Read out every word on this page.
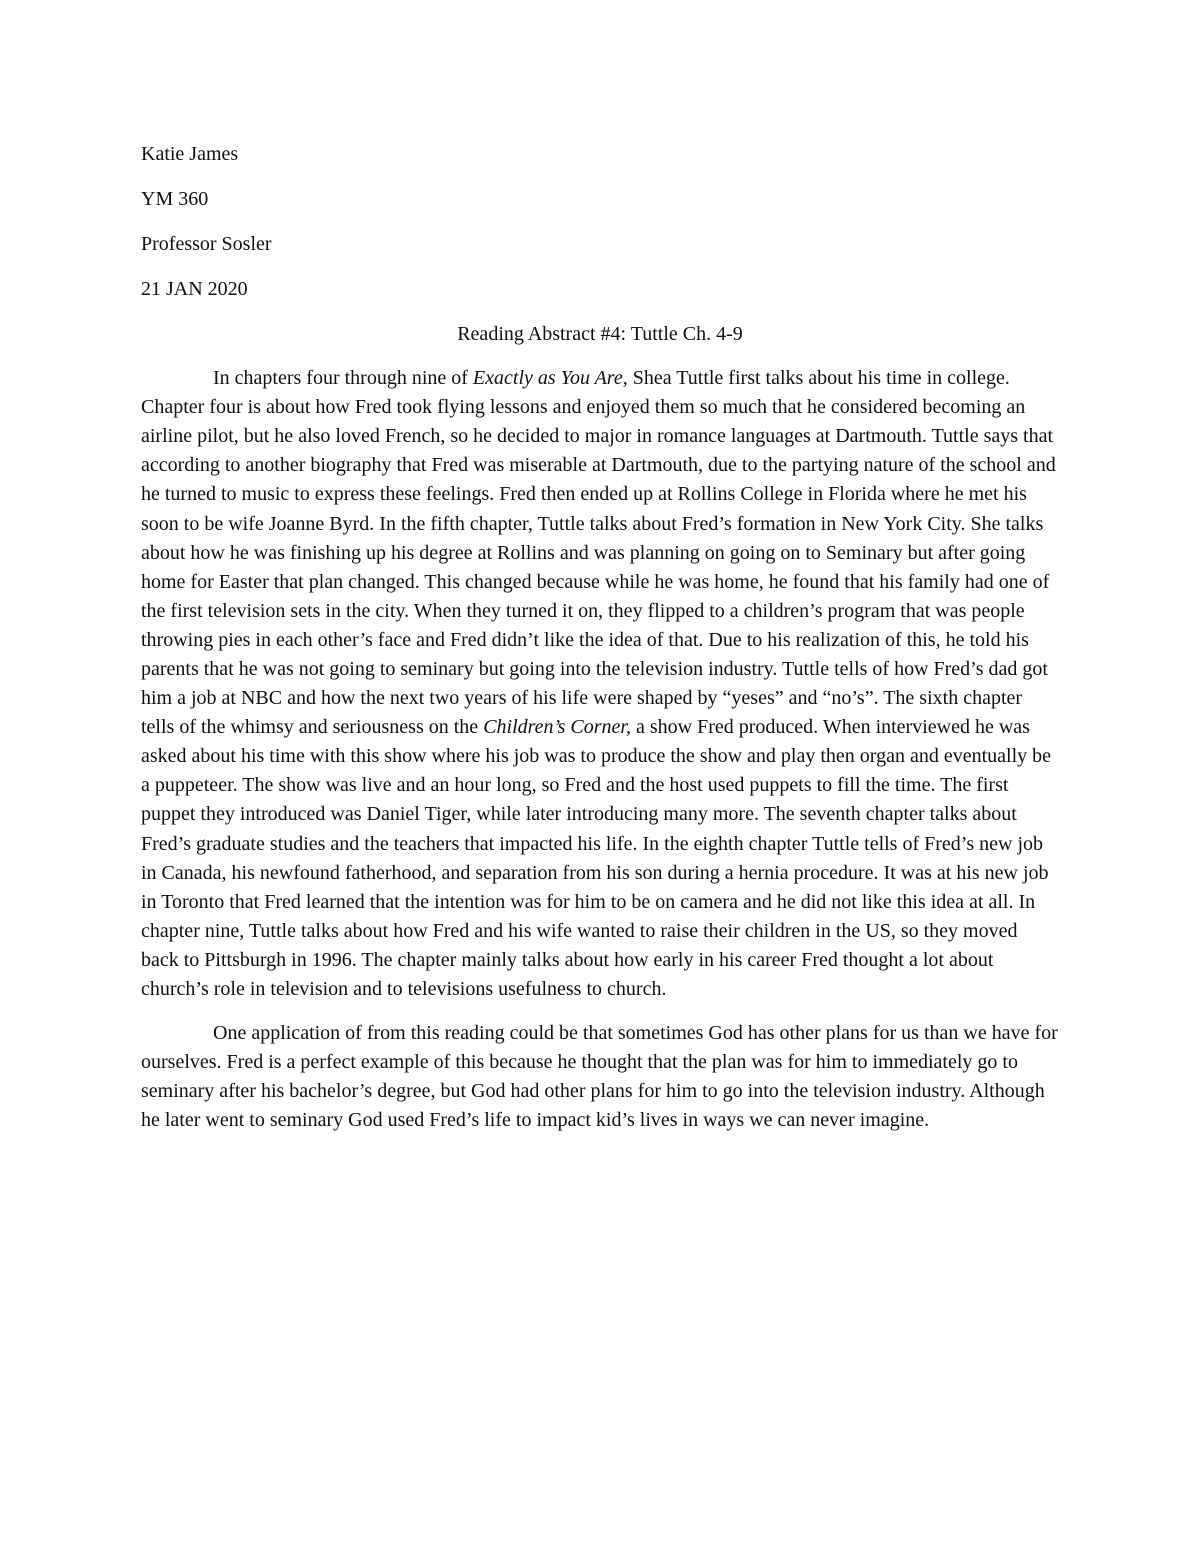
Katie James
YM 360
Professor Sosler
21 JAN 2020
Reading Abstract #4: Tuttle Ch. 4-9

In chapters four through nine of Exactly as You Are, Shea Tuttle first talks about his time in college. Chapter four is about how Fred took flying lessons and enjoyed them so much that he considered becoming an airline pilot, but he also loved French, so he decided to major in romance languages at Dartmouth. Tuttle says that according to another biography that Fred was miserable at Dartmouth, due to the partying nature of the school and he turned to music to express these feelings. Fred then ended up at Rollins College in Florida where he met his soon to be wife Joanne Byrd. In the fifth chapter, Tuttle talks about Fred’s formation in New York City. She talks about how he was finishing up his degree at Rollins and was planning on going on to Seminary but after going home for Easter that plan changed. This changed because while he was home, he found that his family had one of the first television sets in the city. When they turned it on, they flipped to a children’s program that was people throwing pies in each other’s face and Fred didn’t like the idea of that. Due to his realization of this, he told his parents that he was not going to seminary but going into the television industry. Tuttle tells of how Fred’s dad got him a job at NBC and how the next two years of his life were shaped by “yeses” and “no’s”. The sixth chapter tells of the whimsy and seriousness on the Children’s Corner, a show Fred produced. When interviewed he was asked about his time with this show where his job was to produce the show and play then organ and eventually be a puppeteer. The show was live and an hour long, so Fred and the host used puppets to fill the time. The first puppet they introduced was Daniel Tiger, while later introducing many more. The seventh chapter talks about Fred’s graduate studies and the teachers that impacted his life. In the eighth chapter Tuttle tells of Fred’s new job in Canada, his newfound fatherhood, and separation from his son during a hernia procedure. It was at his new job in Toronto that Fred learned that the intention was for him to be on camera and he did not like this idea at all. In chapter nine, Tuttle talks about how Fred and his wife wanted to raise their children in the US, so they moved back to Pittsburgh in 1996. The chapter mainly talks about how early in his career Fred thought a lot about church’s role in television and to televisions usefulness to church.

One application of from this reading could be that sometimes God has other plans for us than we have for ourselves. Fred is a perfect example of this because he thought that the plan was for him to immediately go to seminary after his bachelor’s degree, but God had other plans for him to go into the television industry. Although he later went to seminary God used Fred’s life to impact kid’s lives in ways we can never imagine.
